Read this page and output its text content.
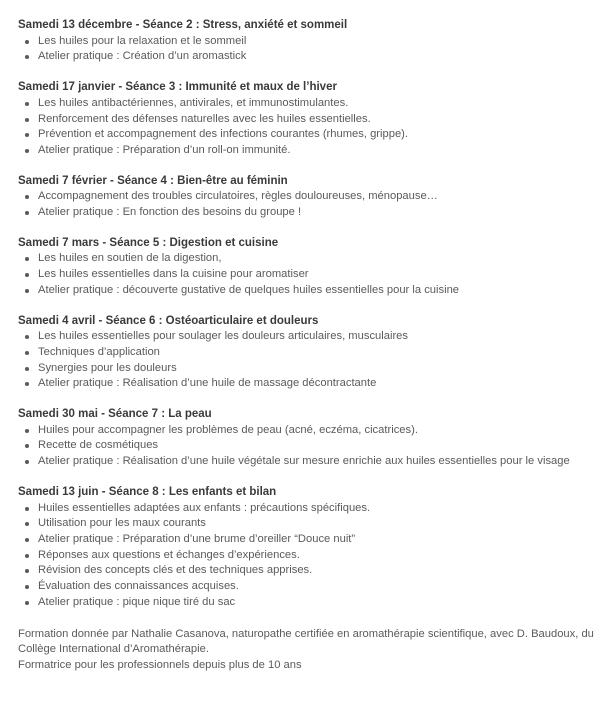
Samedi 13 décembre - Séance 2 : Stress, anxiété et sommeil

Les huiles pour la relaxation et le sommeil
Atelier pratique : Création d’un aromastick

Samedi 17 janvier - Séance 3 : Immunité et maux de l’hiver

Les huiles antibactériennes, antivirales, et immunostimulantes.
Renforcement des défenses naturelles avec les huiles essentielles.
Prévention et accompagnement des infections courantes (rhumes, grippe).
Atelier pratique : Préparation d’un roll-on immunité.

Samedi 7 février - Séance 4 : Bien-être au féminin

Accompagnement des troubles circulatoires, règles douloureuses, ménopause…
Atelier pratique : En fonction des besoins du groupe !

Samedi 7 mars - Séance 5 : Digestion et cuisine

Les huiles en soutien de la digestion,
Les huiles essentielles dans la cuisine pour aromatiser
Atelier pratique : découverte gustative de quelques huiles essentielles pour la cuisine

Samedi 4 avril - Séance 6 : Ostéoarticulaire et douleurs

Les huiles essentielles pour soulager les douleurs articulaires, musculaires
Techniques d’application
Synergies pour les douleurs
Atelier pratique : Réalisation d’une huile de massage décontractante

Samedi 30 mai - Séance 7 : La peau

Huiles pour accompagner les problèmes de peau (acné, eczéma, cicatrices).
Recette de cosmétiques
Atelier pratique : Réalisation d’une huile végétale sur mesure enrichie aux huiles essentielles pour le visage

Samedi 13 juin - Séance 8 : Les enfants et bilan

Huiles essentielles adaptées aux enfants : précautions spécifiques.
Utilisation pour les maux courants
Atelier pratique : Préparation d’une brume d’oreiller “Douce nuit”
Réponses aux questions et échanges d’expériences.
Révision des concepts clés et des techniques apprises.
Évaluation des connaissances acquises.
Atelier pratique : pique nique tiré du sac

Formation donnée par Nathalie Casanova, naturopathe certifiée en aromathérapie scientifique, avec D. Baudoux, du Collège International d’Aromathérapie.

Formatrice pour les professionnels depuis plus de 10 ans
